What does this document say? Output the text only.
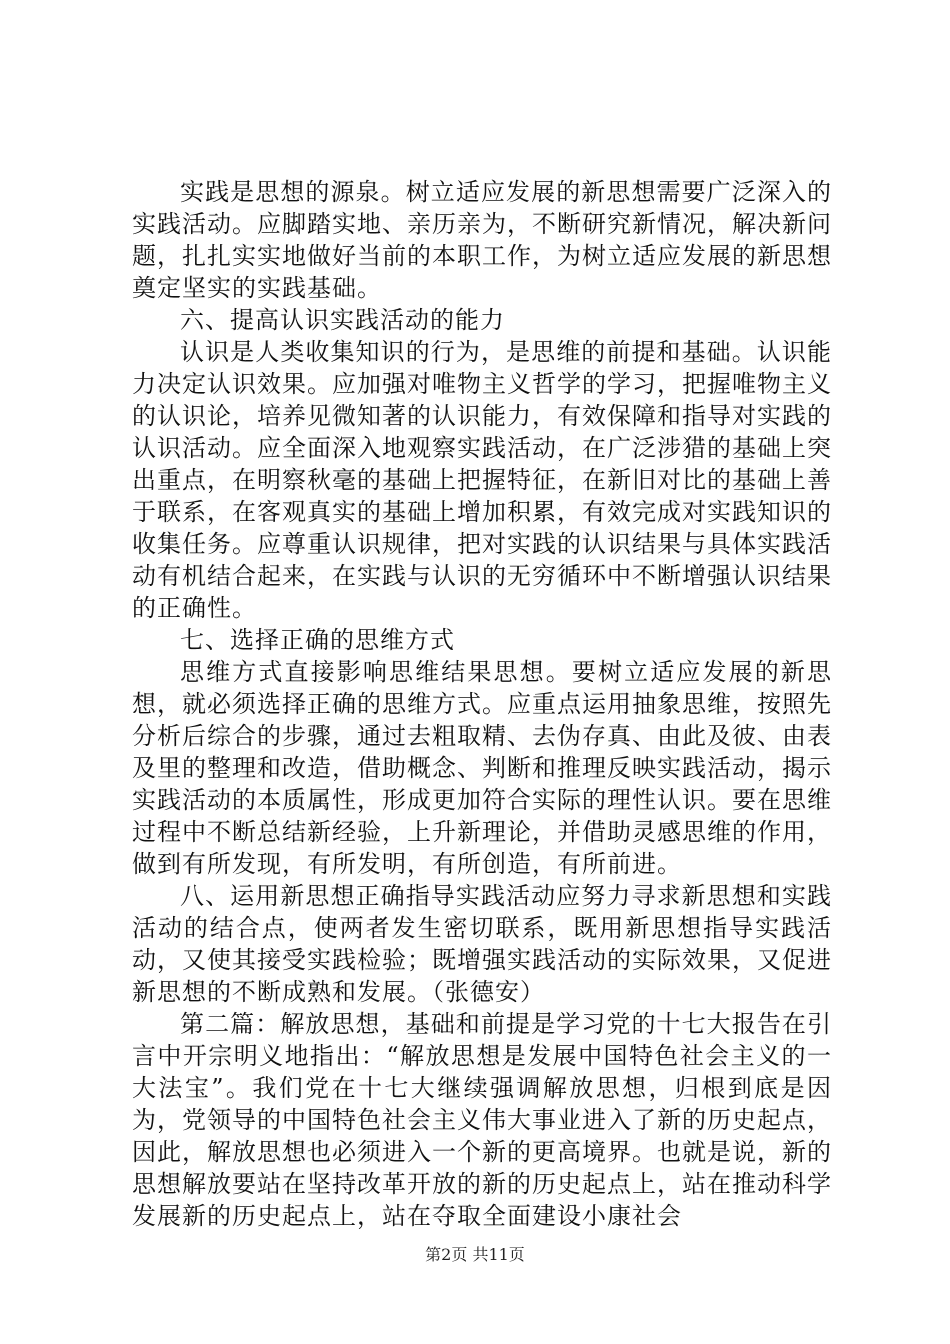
实践是思想的源泉。树立适应发展的新思想需要广泛深入的实践活动。应脚踏实地、亲历亲为，不断研究新情况，解决新问题，扎扎实实地做好当前的本职工作，为树立适应发展的新思想奠定坚实的实践基础。

六、提高认识实践活动的能力

认识是人类收集知识的行为，是思维的前提和基础。认识能力决定认识效果。应加强对唯物主义哲学的学习，把握唯物主义的认识论，培养见微知著的认识能力，有效保障和指导对实践的认识活动。应全面深入地观察实践活动，在广泛涉猎的基础上突出重点，在明察秋毫的基础上把握特征，在新旧对比的基础上善于联系，在客观真实的基础上增加积累，有效完成对实践知识的收集任务。应尊重认识规律，把对实践的认识结果与具体实践活动有机结合起来，在实践与认识的无穷循环中不断增强认识结果的正确性。

七、选择正确的思维方式

思维方式直接影响思维结果思想。要树立适应发展的新思想，就必须选择正确的思维方式。应重点运用抽象思维，按照先分析后综合的步骤，通过去粗取精、去伪存真、由此及彼、由表及里的整理和改造，借助概念、判断和推理反映实践活动，揭示实践活动的本质属性，形成更加符合实际的理性认识。要在思维过程中不断总结新经验，上升新理论，并借助灵感思维的作用，做到有所发现，有所发明，有所创造，有所前进。

八、运用新思想正确指导实践活动应努力寻求新思想和实践活动的结合点，使两者发生密切联系，既用新思想指导实践活动，又使其接受实践检验；既增强实践活动的实际效果，又促进新思想的不断成熟和发展。（张德安）

第二篇：解放思想，基础和前提是学习党的十七大报告在引言中开宗明义地指出：“解放思想是发展中国特色社会主义的一大法宝”。我们党在十七大继续强调解放思想，归根到底是因为，党领导的中国特色社会主义伟大事业进入了新的历史起点，因此，解放思想也必须进入一个新的更高境界。也就是说，新的思想解放要站在坚持改革开放的新的历史起点上，站在推动科学发展新的历史起点上，站在夺取全面建设小康社会

第2页 共11页
